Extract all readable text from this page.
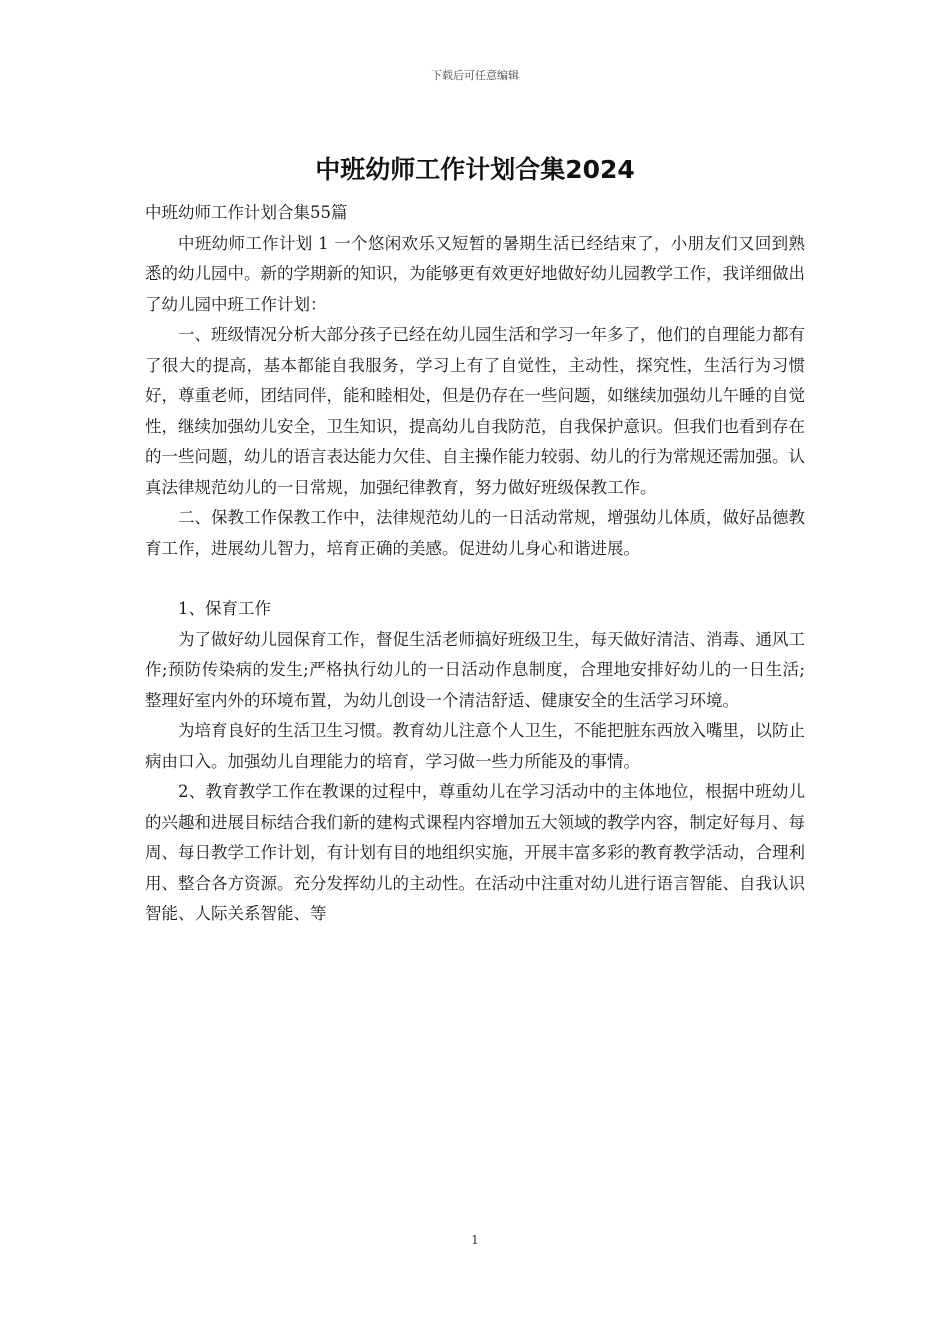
下载后可任意编辑
中班幼师工作计划合集2024

中班幼师工作计划合集55篇

中班幼师工作计划 1 一个悠闲欢乐又短暂的暑期生活已经结束了，小朋友们又回到熟悉的幼儿园中。新的学期新的知识，为能够更有效更好地做好幼儿园教学工作，我详细做出了幼儿园中班工作计划：

一、班级情况分析大部分孩子已经在幼儿园生活和学习一年多了，他们的自理能力都有了很大的提高，基本都能自我服务，学习上有了自觉性，主动性，探究性，生活行为习惯好，尊重老师，团结同伴，能和睦相处，但是仍存在一些问题，如继续加强幼儿午睡的自觉性，继续加强幼儿安全，卫生知识，提高幼儿自我防范，自我保护意识。但我们也看到存在的一些问题，幼儿的语言表达能力欠佳、自主操作能力较弱、幼儿的行为常规还需加强。认真法律规范幼儿的一日常规，加强纪律教育，努力做好班级保教工作。

二、保教工作保教工作中，法律规范幼儿的一日活动常规，增强幼儿体质，做好品德教育工作，进展幼儿智力，培育正确的美感。促进幼儿身心和谐进展。

1、保育工作

为了做好幼儿园保育工作，督促生活老师搞好班级卫生，每天做好清洁、消毒、通风工作;预防传染病的发生;严格执行幼儿的一日活动作息制度，合理地安排好幼儿的一日生活;整理好室内外的环境布置，为幼儿创设一个清洁舒适、健康安全的生活学习环境。

为培育良好的生活卫生习惯。教育幼儿注意个人卫生，不能把脏东西放入嘴里，以防止病由口入。加强幼儿自理能力的培育，学习做一些力所能及的事情。

2、教育教学工作在教课的过程中，尊重幼儿在学习活动中的主体地位，根据中班幼儿的兴趣和进展目标结合我们新的建构式课程内容增加五大领域的教学内容，制定好每月、每周、每日教学工作计划，有计划有目的地组织实施，开展丰富多彩的教育教学活动，合理利用、整合各方资源。充分发挥幼儿的主动性。在活动中注重对幼儿进行语言智能、自我认识智能、人际关系智能、等

1
